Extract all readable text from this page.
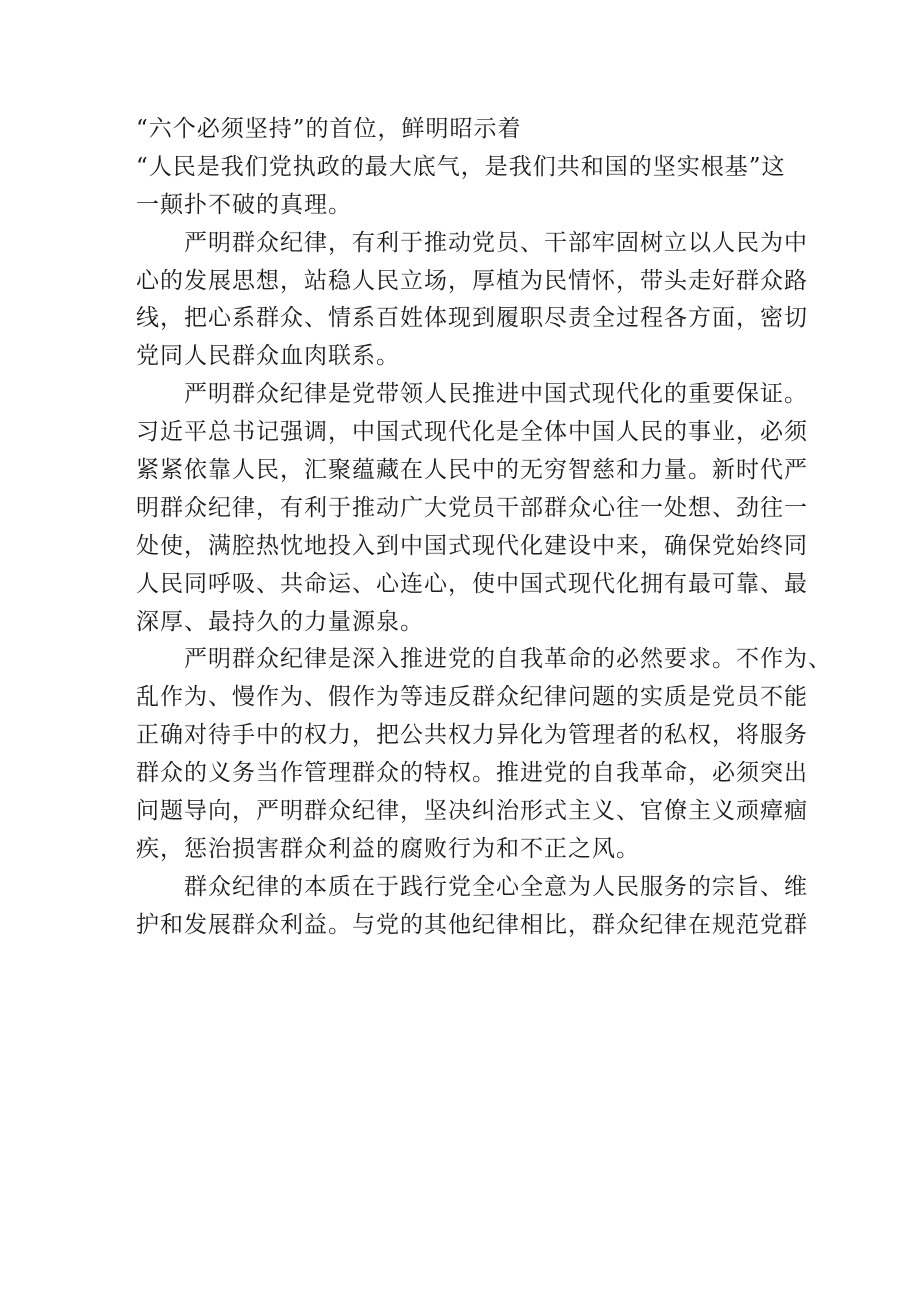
“六个必须坚持”的首位，鲜明昭示着
“人民是我们党执政的最大底气，是我们共和国的坚实根基”这
一颠扑不破的真理。
严明群众纪律，有利于推动党员、干部牢固树立以人民为中
心的发展思想，站稳人民立场，厚植为民情怀，带头走好群众路
线，把心系群众、情系百姓体现到履职尽责全过程各方面，密切
党同人民群众血肉联系。
严明群众纪律是党带领人民推进中国式现代化的重要保证。
习近平总书记强调，中国式现代化是全体中国人民的事业，必须
紧紧依靠人民，汇聚蕴藏在人民中的无穷智慈和力量。新时代严
明群众纪律，有利于推动广大党员干部群众心往一处想、劲往一
处使，满腔热忱地投入到中国式现代化建设中来，确保党始终同
人民同呼吸、共命运、心连心，使中国式现代化拥有最可靠、最
深厚、最持久的力量源泉。
严明群众纪律是深入推进党的自我革命的必然要求。不作为、
乱作为、慢作为、假作为等违反群众纪律问题的实质是党员不能
正确对待手中的权力，把公共权力异化为管理者的私权，将服务
群众的义务当作管理群众的特权。推进党的自我革命，必须突出
问题导向，严明群众纪律，坚决纠治形式主义、官僚主义顽瘴痼
疾，惩治损害群众利益的腐败行为和不正之风。
群众纪律的本质在于践行党全心全意为人民服务的宗旨、维
护和发展群众利益。与党的其他纪律相比，群众纪律在规范党群
